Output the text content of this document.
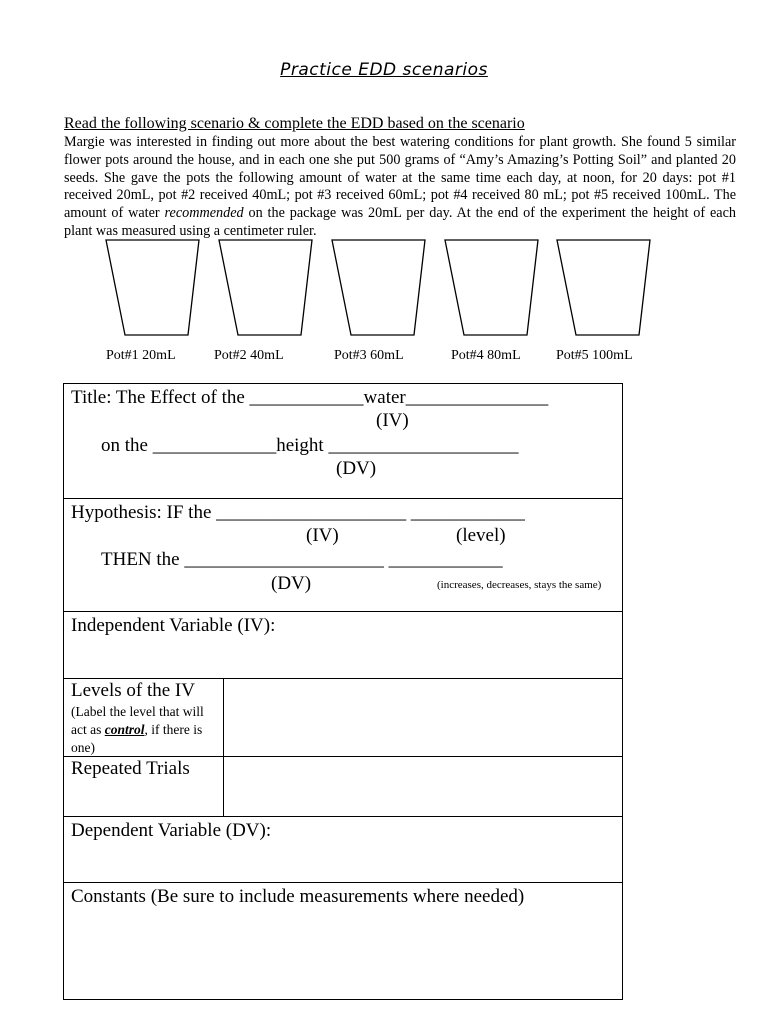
Practice EDD scenarios
Read the following scenario & complete the EDD based on the scenario
Margie was interested in finding out more about the best watering conditions for plant growth. She found 5 similar flower pots around the house, and in each one she put 500 grams of “Amy’s Amazing’s Potting Soil” and planted 20 seeds. She gave the pots the following amount of water at the same time each day, at noon, for 20 days: pot #1 received 20mL, pot #2 received 40mL; pot #3 received 60mL; pot #4 received 80 mL; pot #5 received 100mL. The amount of water recommended on the package was 20mL per day. At the end of the experiment the height of each plant was measured using a centimeter ruler.
Pot#1 20mL	Pot#2 40mL	Pot#3 60mL	Pot#4 80mL	Pot#5 100mL
Title: The Effect of the ____________water_______________
(IV)
on the _____________height ____________________
(DV)
Hypothesis: IF the ____________________ ____________
(IV)	(level)
THEN the _____________________ ____________
(DV)	(increases, decreases, stays the same)
Independent Variable (IV):
Levels of the IV
(Label the level that will act as control, if there is one)
Repeated Trials
Dependent Variable (DV):
Constants (Be sure to include measurements where needed)
